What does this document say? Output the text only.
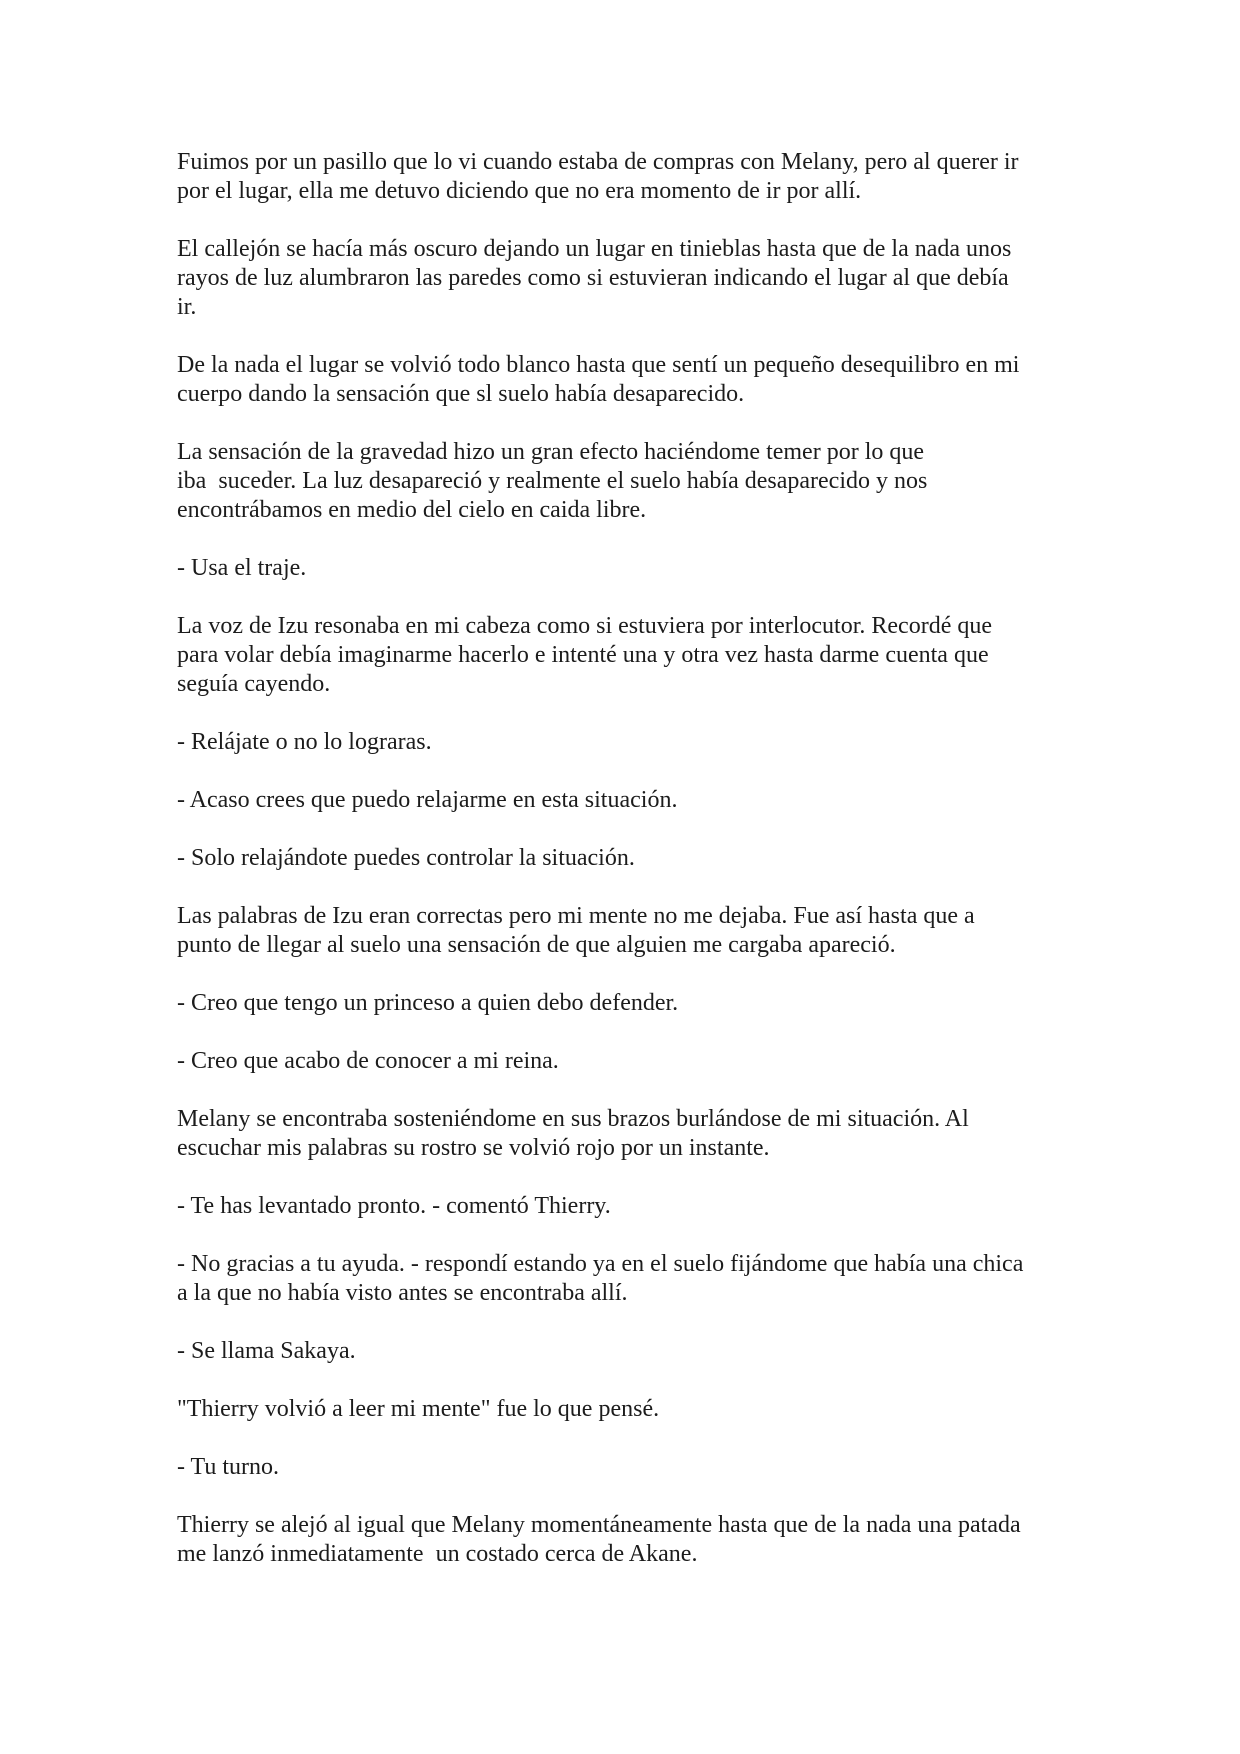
Fuimos por un pasillo que lo vi cuando estaba de compras con Melany, pero al querer ir
por el lugar, ella me detuvo diciendo que no era momento de ir por allí.

El callejón se hacía más oscuro dejando un lugar en tinieblas hasta que de la nada unos
rayos de luz alumbraron las paredes como si estuvieran indicando el lugar al que debía
ir.

De la nada el lugar se volvió todo blanco hasta que sentí un pequeño desequilibro en mi
cuerpo dando la sensación que sl suelo había desaparecido.

La sensación de la gravedad hizo un gran efecto haciéndome temer por lo que
iba  suceder. La luz desapareció y realmente el suelo había desaparecido y nos
encontrábamos en medio del cielo en caida libre.

- Usa el traje.

La voz de Izu resonaba en mi cabeza como si estuviera por interlocutor. Recordé que
para volar debía imaginarme hacerlo e intenté una y otra vez hasta darme cuenta que
seguía cayendo.

- Relájate o no lo lograras.

- Acaso crees que puedo relajarme en esta situación.

- Solo relajándote puedes controlar la situación.

Las palabras de Izu eran correctas pero mi mente no me dejaba. Fue así hasta que a
punto de llegar al suelo una sensación de que alguien me cargaba apareció.

- Creo que tengo un princeso a quien debo defender.

- Creo que acabo de conocer a mi reina.

Melany se encontraba sosteniéndome en sus brazos burlándose de mi situación. Al
escuchar mis palabras su rostro se volvió rojo por un instante.

- Te has levantado pronto. - comentó Thierry.

- No gracias a tu ayuda. - respondí estando ya en el suelo fijándome que había una chica
a la que no había visto antes se encontraba allí.

- Se llama Sakaya.

"Thierry volvió a leer mi mente" fue lo que pensé.

- Tu turno.

Thierry se alejó al igual que Melany momentáneamente hasta que de la nada una patada
me lanzó inmediatamente  un costado cerca de Akane.
